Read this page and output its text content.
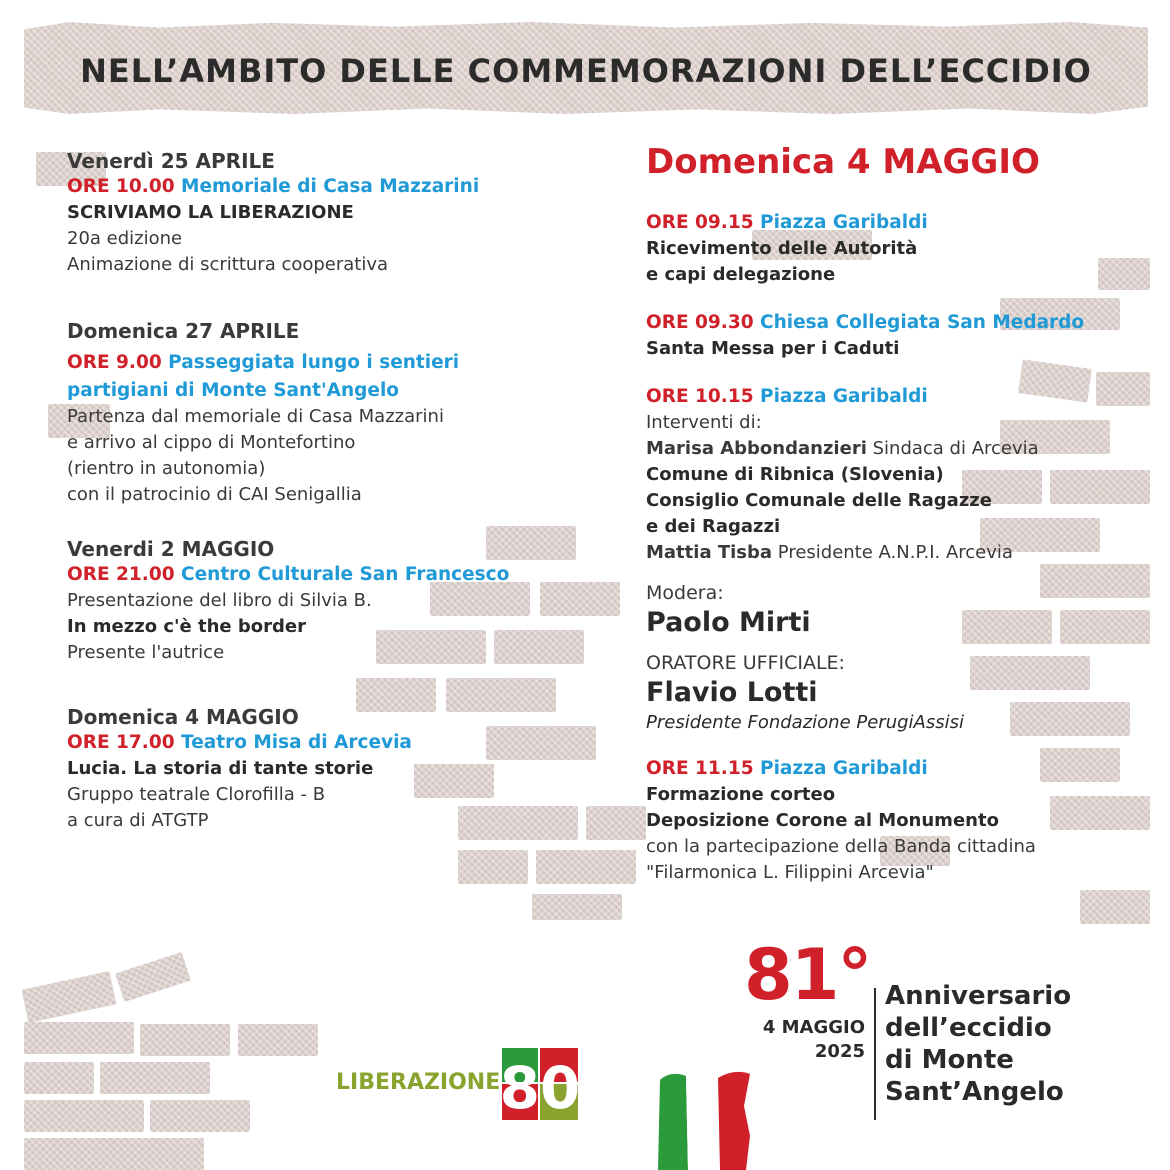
NELL’AMBITO DELLE COMMEMORAZIONI DELL’ECCIDIO
Venerdì 25 APRILE
ORE 10.00 Memoriale di Casa Mazzarini
SCRIVIAMO LA LIBERAZIONE
20a edizione
Animazione di scrittura cooperativa
Domenica 27 APRILE
ORE 9.00 Passeggiata lungo i sentieri
partigiani di Monte Sant'Angelo
Partenza dal memoriale di Casa Mazzarini
e arrivo al cippo di Montefortino
(rientro in autonomia)
con il patrocinio di CAI Senigallia
Venerdi 2 MAGGIO
ORE 21.00 Centro Culturale San Francesco
Presentazione del libro di Silvia B.
In mezzo c'è the border
Presente l'autrice
Domenica 4 MAGGIO
ORE 17.00 Teatro Misa di Arcevia
Lucia. La storia di tante storie
Gruppo teatrale Clorofilla - B
a cura di ATGTP
Domenica 4 MAGGIO
ORE 09.15 Piazza Garibaldi
Ricevimento delle Autorità
e capi delegazione
ORE 09.30 Chiesa Collegiata San Medardo
Santa Messa per i Caduti
ORE 10.15 Piazza Garibaldi
Interventi di:
Marisa Abbondanzieri Sindaca di Arcevia
Comune di Ribnica (Slovenia)
Consiglio Comunale delle Ragazze
e dei Ragazzi
Mattia Tisba Presidente A.N.P.I. Arcevia
Modera:
Paolo Mirti
ORATORE UFFICIALE:
Flavio Lotti
Presidente Fondazione PerugiAssisi
ORE 11.15 Piazza Garibaldi
Formazione corteo
Deposizione Corone al Monumento
con la partecipazione della Banda cittadina
"Filarmonica L. Filippini Arcevia"
81°
4 MAGGIO
2025
Anniversario
dell’eccidio
di Monte
Sant’Angelo
LIBERAZIONE 80
